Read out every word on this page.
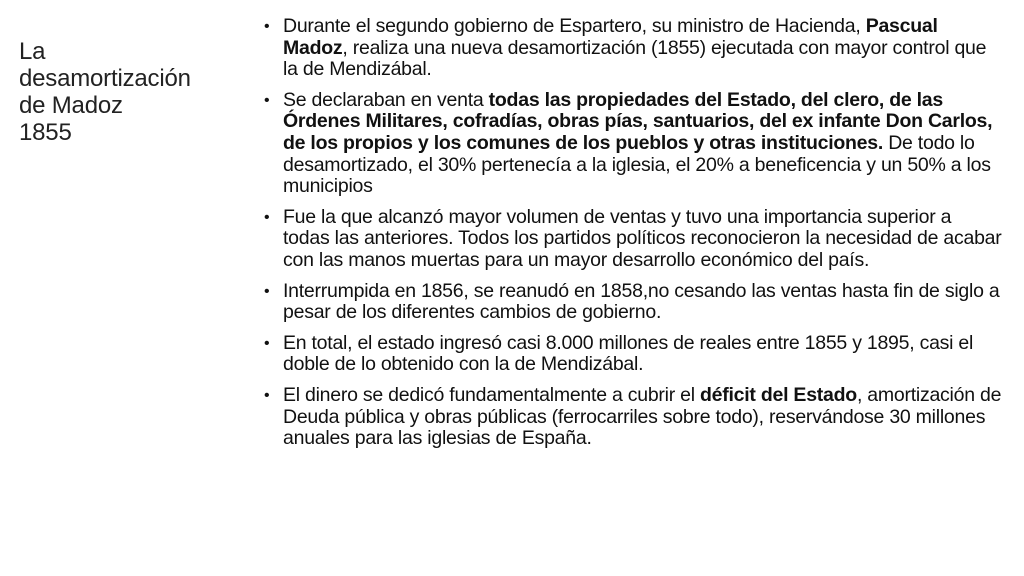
La
desamortización
de Madoz
1855
• Durante el segundo gobierno de Espartero, su ministro de Hacienda, Pascual Madoz, realiza una nueva desamortización (1855) ejecutada con mayor control que la de Mendizábal.
• Se declaraban en venta todas las propiedades del Estado, del clero, de las Órdenes Militares, cofradías, obras pías, santuarios, del ex infante Don Carlos, de los propios y los comunes de los pueblos y otras instituciones. De todo lo desamortizado, el 30% pertenecía a la iglesia, el 20% a beneficencia y un 50% a los municipios
• Fue la que alcanzó mayor volumen de ventas y tuvo una importancia superior a todas las anteriores. Todos los partidos políticos reconocieron la necesidad de acabar con las manos muertas para un mayor desarrollo económico del país.
• Interrumpida en 1856, se reanudó en 1858,no cesando las ventas hasta fin de siglo a pesar de los diferentes cambios de gobierno.
• En total, el estado ingresó casi 8.000 millones de reales entre 1855 y 1895, casi el doble de lo obtenido con la de Mendizábal.
• El dinero se dedicó fundamentalmente a cubrir el déficit del Estado, amortización de Deuda pública y obras públicas (ferrocarriles sobre todo), reservándose 30 millones anuales para las iglesias de España.
